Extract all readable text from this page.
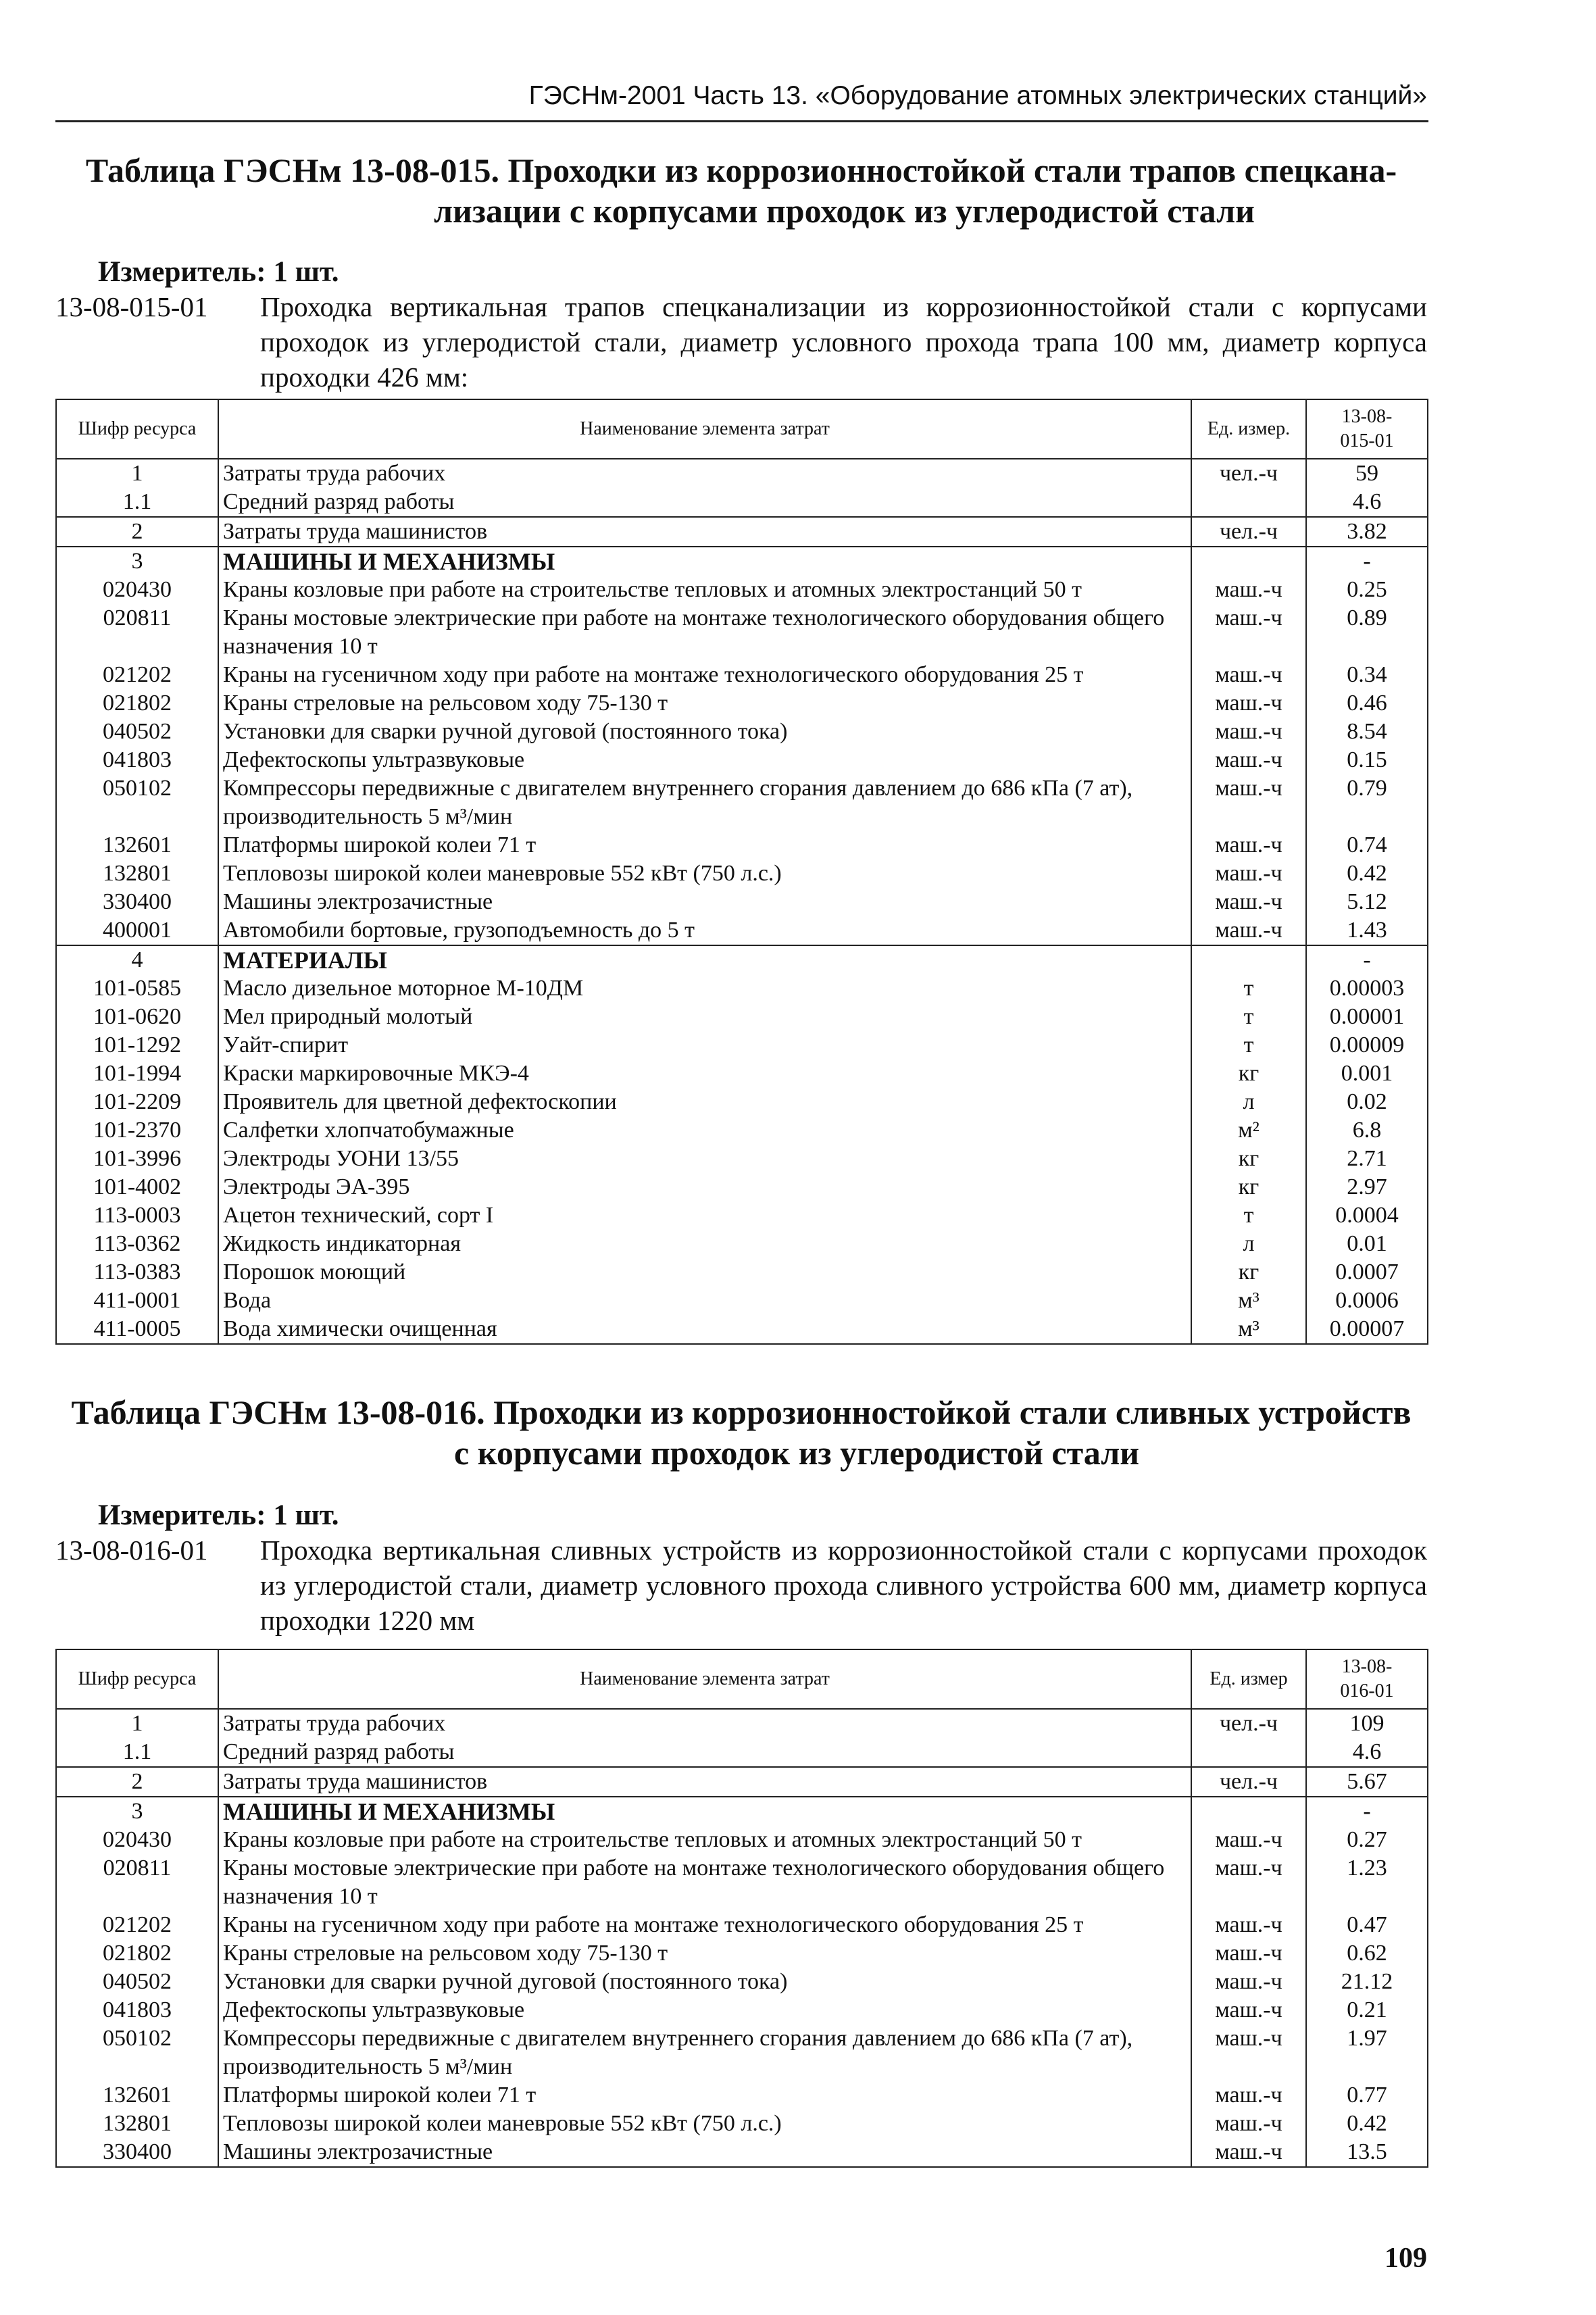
ГЭСНм-2001 Часть 13. «Оборудование атомных электрических станций»
Таблица ГЭСНм 13-08-015. Проходки из коррозионностойкой стали трапов спецкана-
лизации с корпусами проходок из углеродистой стали
Измеритель: 1 шт.
13-08-015-01 Проходка вертикальная трапов спецканализации из коррозионностойкой стали с корпусами проходок из углеродистой стали, диаметр условного прохода трапа 100 мм, диаметр корпуса проходки 426 мм:
Шифр ресурса	Наименование элемента затрат	Ед. измер.	13-08-
015-01

1	Затраты труда рабочих	чел.-ч	59
1.1	Средний разряд работы		4.6
2	Затраты труда машинистов	чел.-ч	3.82
3	МАШИНЫ И МЕХАНИЗМЫ		-
020430	Краны козловые при работе на строительстве тепловых и атомных электростанций 50 т	маш.-ч	0.25
020811	Краны мостовые электрические при работе на монтаже технологического оборудования общего назначения 10 т	маш.-ч	0.89
021202	Краны на гусеничном ходу при работе на монтаже технологического оборудования 25 т	маш.-ч	0.34
021802	Краны стреловые на рельсовом ходу 75-130 т	маш.-ч	0.46
040502	Установки для сварки ручной дуговой (постоянного тока)	маш.-ч	8.54
041803	Дефектоскопы ультразвуковые	маш.-ч	0.15
050102	Компрессоры передвижные с двигателем внутреннего сгорания давлением до 686 кПа (7 ат), производительность 5 м³/мин	маш.-ч	0.79
132601	Платформы широкой колеи 71 т	маш.-ч	0.74
132801	Тепловозы широкой колеи маневровые 552 кВт (750 л.с.)	маш.-ч	0.42
330400	Машины электрозачистные	маш.-ч	5.12
400001	Автомобили бортовые, грузоподъемность до 5 т	маш.-ч	1.43
4	МАТЕРИАЛЫ		-
101-0585	Масло дизельное моторное М-10ДМ	т	0.00003
101-0620	Мел природный молотый	т	0.00001
101-1292	Уайт-спирит	т	0.00009
101-1994	Краски маркировочные МКЭ-4	кг	0.001
101-2209	Проявитель для цветной дефектоскопии	л	0.02
101-2370	Салфетки хлопчатобумажные	м²	6.8
101-3996	Электроды УОНИ 13/55	кг	2.71
101-4002	Электроды ЭА-395	кг	2.97
113-0003	Ацетон технический, сорт I	т	0.0004
113-0362	Жидкость индикаторная	л	0.01
113-0383	Порошок моющий	кг	0.0007
411-0001	Вода	м³	0.0006
411-0005	Вода химически очищенная	м³	0.00007
Таблица ГЭСНм 13-08-016. Проходки из коррозионностойкой стали сливных устройств
с корпусами проходок из углеродистой стали
Измеритель: 1 шт.
13-08-016-01 Проходка вертикальная сливных устройств из коррозионностойкой стали с корпусами проходок из углеродистой стали, диаметр условного прохода сливного устройства 600 мм, диаметр корпуса проходки 1220 мм
Шифр ресурса	Наименование элемента затрат	Ед. измер	13-08-
016-01

1	Затраты труда рабочих	чел.-ч	109
1.1	Средний разряд работы		4.6
2	Затраты труда машинистов	чел.-ч	5.67
3	МАШИНЫ И МЕХАНИЗМЫ		-
020430	Краны козловые при работе на строительстве тепловых и атомных электростанций 50 т	маш.-ч	0.27
020811	Краны мостовые электрические при работе на монтаже технологического оборудования общего назначения 10 т	маш.-ч	1.23
021202	Краны на гусеничном ходу при работе на монтаже технологического оборудования 25 т	маш.-ч	0.47
021802	Краны стреловые на рельсовом ходу 75-130 т	маш.-ч	0.62
040502	Установки для сварки ручной дуговой (постоянного тока)	маш.-ч	21.12
041803	Дефектоскопы ультразвуковые	маш.-ч	0.21
050102	Компрессоры передвижные с двигателем внутреннего сгорания давлением до 686 кПа (7 ат), производительность 5 м³/мин	маш.-ч	1.97
132601	Платформы широкой колеи 71 т	маш.-ч	0.77
132801	Тепловозы широкой колеи маневровые 552 кВт (750 л.с.)	маш.-ч	0.42
330400	Машины электрозачистные	маш.-ч	13.5
109
